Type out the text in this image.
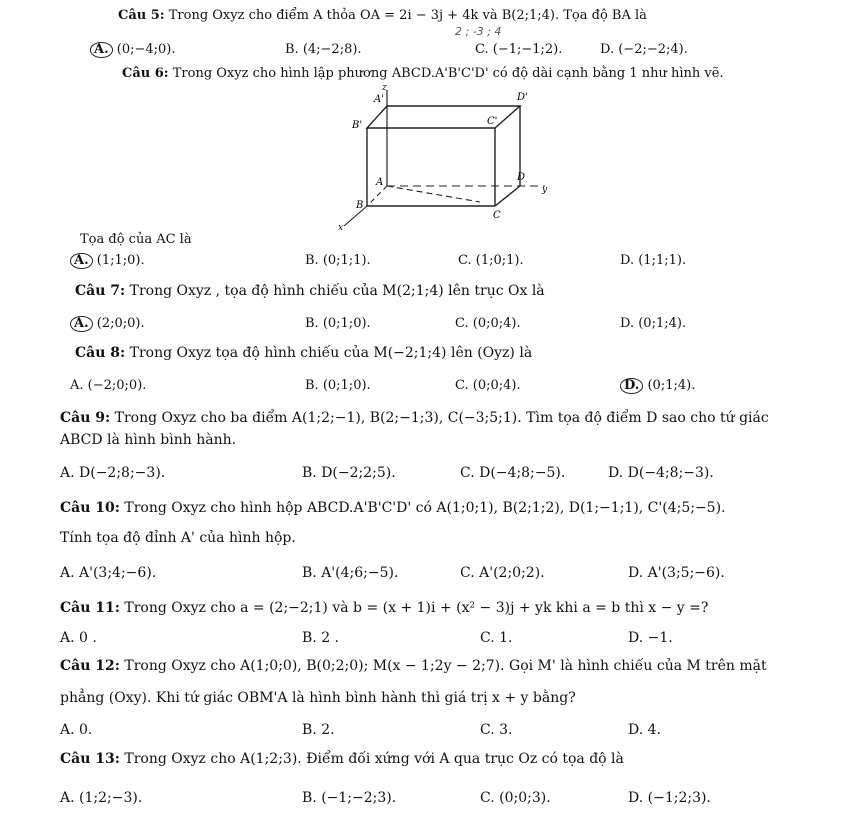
Câu 5: Trong Oxyz cho điểm A thỏa OA = 2i − 3j + 4k và B(2;1;4). Tọa độ BA là
2 ; -3 ; 4
A. (0;−4;0).	B. (4;−2;8).	C. (−1;−1;2).	D. (−2;−2;4).
Câu 6: Trong Oxyz cho hình lập phương ABCD.A'B'C'D' có độ dài cạnh bằng 1 như hình vẽ.
z
A'	D'
B'	C'
A	D
y
B
C
x
Tọa độ của AC là
A. (1;1;0).	B. (0;1;1).	C. (1;0;1).	D. (1;1;1).
Câu 7: Trong Oxyz , tọa độ hình chiếu của M(2;1;4) lên trục Ox là
A. (2;0;0).	B. (0;1;0).	C. (0;0;4).	D. (0;1;4).
Câu 8: Trong Oxyz tọa độ hình chiếu của M(−2;1;4) lên (Oyz) là
A. (−2;0;0).	B. (0;1;0).	C. (0;0;4).	D. (0;1;4).
Câu 9: Trong Oxyz cho ba điểm A(1;2;−1), B(2;−1;3), C(−3;5;1). Tìm tọa độ điểm D sao cho tứ giác
ABCD là hình bình hành.
A. D(−2;8;−3).	B. D(−2;2;5).	C. D(−4;8;−5).	D. D(−4;8;−3).
Câu 10: Trong Oxyz cho hình hộp ABCD.A'B'C'D' có A(1;0;1), B(2;1;2), D(1;−1;1), C'(4;5;−5).
Tính tọa độ đỉnh A' của hình hộp.
A. A'(3;4;−6).	B. A'(4;6;−5).	C. A'(2;0;2).	D. A'(3;5;−6).
Câu 11: Trong Oxyz cho a = (2;−2;1) và b = (x + 1)i + (x² − 3)j + yk khi a = b thì x − y =?
A. 0 .	B. 2 .	C. 1.	D. −1.
Câu 12: Trong Oxyz cho A(1;0;0), B(0;2;0); M(x − 1;2y − 2;7). Gọi M' là hình chiếu của M trên mặt
phẳng (Oxy). Khi tứ giác OBM'A là hình bình hành thì giá trị x + y bằng?
A. 0.	B. 2.	C. 3.	D. 4.
Câu 13: Trong Oxyz cho A(1;2;3). Điểm đối xứng với A qua trục Oz có tọa độ là
A. (1;2;−3).	B. (−1;−2;3).	C. (0;0;3).	D. (−1;2;3).
